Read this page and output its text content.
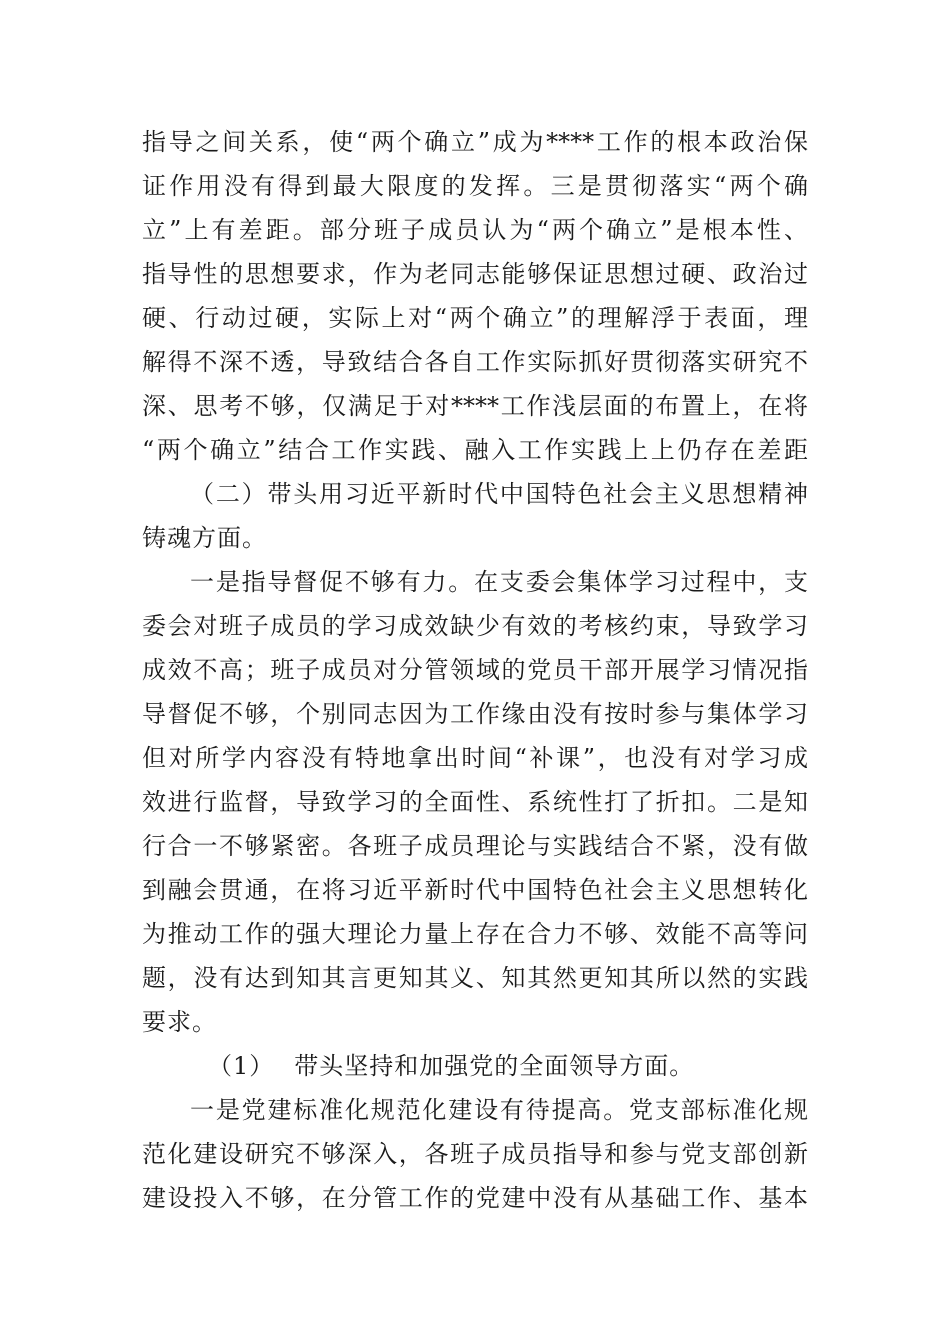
指导之间关系，使“两个确立”成为****工作的根本政治保
证作用没有得到最大限度的发挥。三是贯彻落实“两个确
立”上有差距。部分班子成员认为“两个确立”是根本性、
指导性的思想要求，作为老同志能够保证思想过硬、政治过
硬、行动过硬，实际上对“两个确立”的理解浮于表面，理
解得不深不透，导致结合各自工作实际抓好贯彻落实研究不
深、思考不够，仅满足于对****工作浅层面的布置上，在将
“两个确立”结合工作实践、融入工作实践上上仍存在差距
（二）带头用习近平新时代中国特色社会主义思想精神
铸魂方面。
一是指导督促不够有力。在支委会集体学习过程中，支
委会对班子成员的学习成效缺少有效的考核约束，导致学习
成效不高；班子成员对分管领域的党员干部开展学习情况指
导督促不够，个别同志因为工作缘由没有按时参与集体学习
但对所学内容没有特地拿出时间“补课”，也没有对学习成
效进行监督，导致学习的全面性、系统性打了折扣。二是知
行合一不够紧密。各班子成员理论与实践结合不紧，没有做
到融会贯通，在将习近平新时代中国特色社会主义思想转化
为推动工作的强大理论力量上存在合力不够、效能不高等问
题，没有达到知其言更知其义、知其然更知其所以然的实践
要求。
（1） 带头坚持和加强党的全面领导方面。
一是党建标准化规范化建设有待提高。党支部标准化规
范化建设研究不够深入，各班子成员指导和参与党支部创新
建设投入不够，在分管工作的党建中没有从基础工作、基本
